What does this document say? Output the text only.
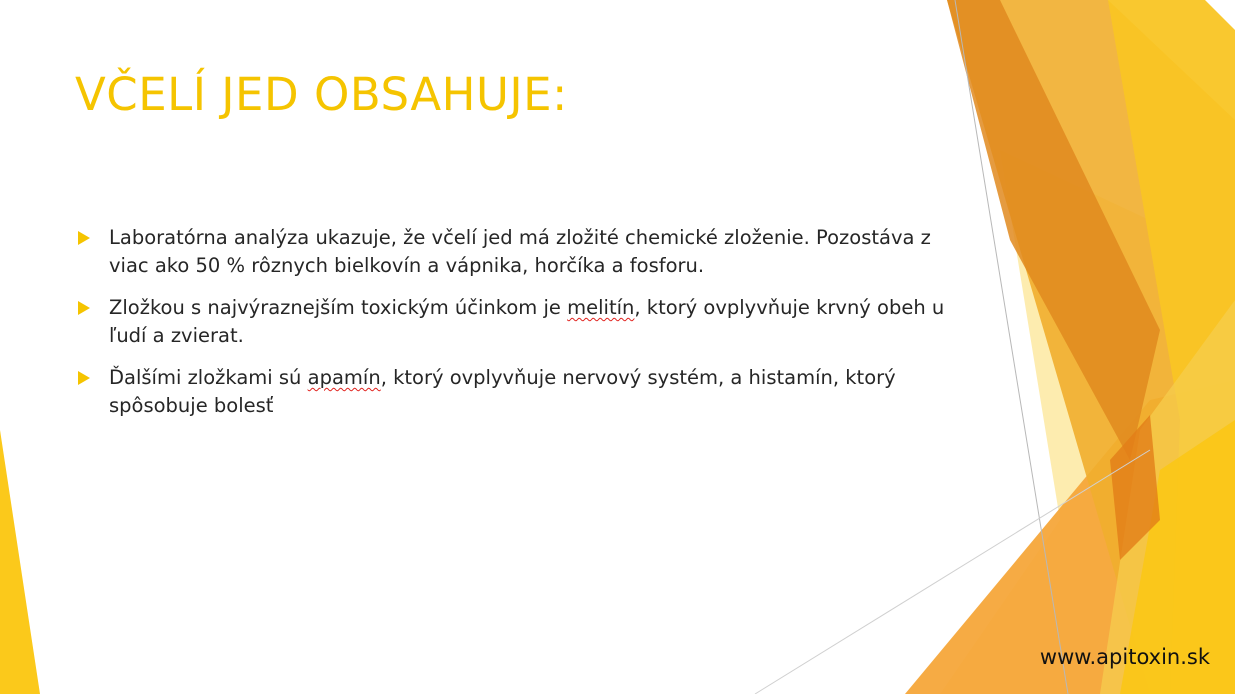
VČELÍ JED OBSAHUJE:
Laboratórna analýza ukazuje, že včelí jed má zložité chemické zloženie. Pozostáva z viac ako 50 % rôznych bielkovín a vápnika, horčíka a fosforu.
Zložkou s najvýraznejším toxickým účinkom je melitín, ktorý ovplyvňuje krvný obeh u ľudí a zvierat.
Ďalšími zložkami sú apamín, ktorý ovplyvňuje nervový systém, a histamín, ktorý spôsobuje bolesť
www.apitoxin.sk
